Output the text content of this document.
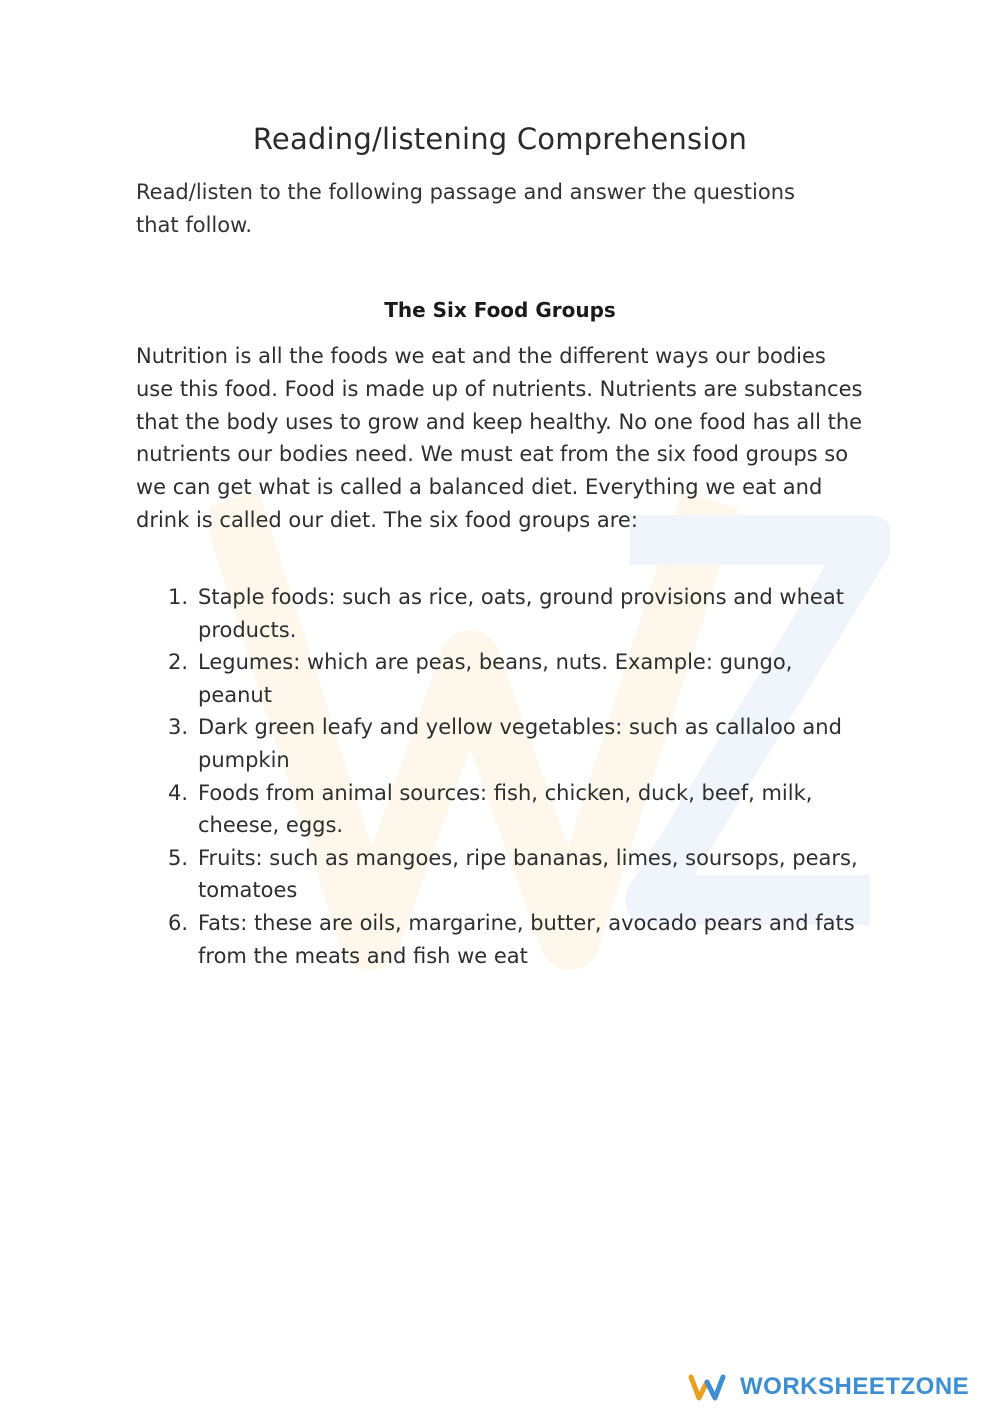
Reading/listening Comprehension

Read/listen to the following passage and answer the questions that follow.

The Six Food Groups

Nutrition is all the foods we eat and the different ways our bodies use this food. Food is made up of nutrients. Nutrients are substances that the body uses to grow and keep healthy. No one food has all the nutrients our bodies need. We must eat from the six food groups so we can get what is called a balanced diet. Everything we eat and drink is called our diet. The six food groups are:

1. Staple foods: such as rice, oats, ground provisions and wheat products.
2. Legumes: which are peas, beans, nuts. Example: gungo, peanut
3. Dark green leafy and yellow vegetables: such as callaloo and pumpkin
4. Foods from animal sources: fish, chicken, duck, beef, milk, cheese, eggs.
5. Fruits: such as mangoes, ripe bananas, limes, soursops, pears, tomatoes
6. Fats: these are oils, margarine, butter, avocado pears and fats from the meats and fish we eat
WORKSHEETZONE
